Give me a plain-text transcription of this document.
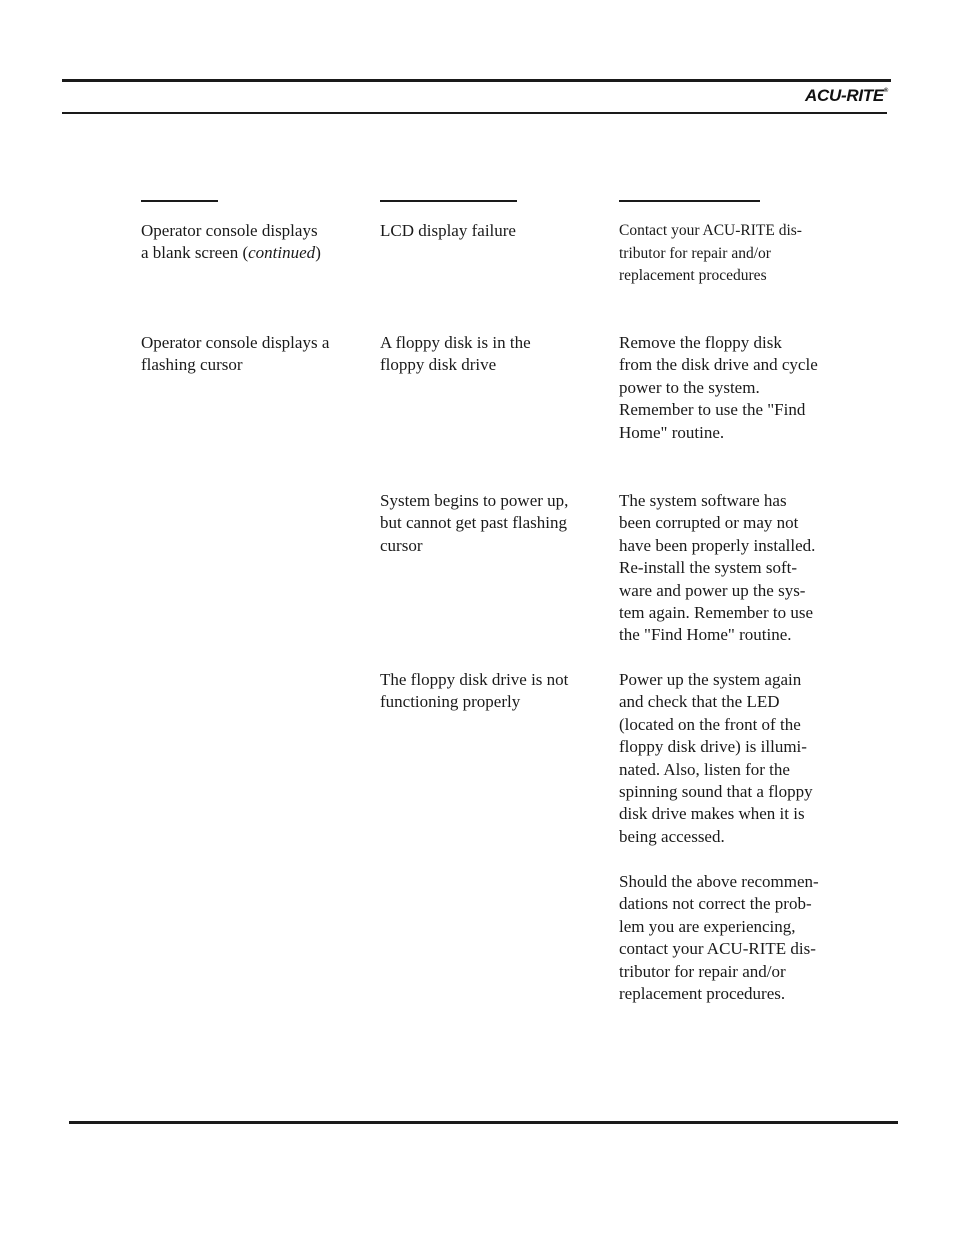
ACU-RITE®
Operator console displays
a blank screen (continued)
LCD display failure	Contact your ACU-RITE dis-
tributor for repair and/or
replacement procedures
Operator console displays a
flashing cursor
A floppy disk is in the
floppy disk drive
Remove the floppy disk
from the disk drive and cycle
power to the system.
Remember to use the "Find
Home" routine.
System begins to power up,
but cannot get past flashing
cursor
The system software has
been corrupted or may not
have been properly installed.
Re-install the system soft-
ware and power up the sys-
tem again. Remember to use
the "Find Home" routine.
The floppy disk drive is not
functioning properly
Power up the system again
and check that the LED
(located on the front of the
floppy disk drive) is illumi-
nated. Also, listen for the
spinning sound that a floppy
disk drive makes when it is
being accessed.
Should the above recommen-
dations not correct the prob-
lem you are experiencing,
contact your ACU-RITE dis-
tributor for repair and/or
replacement procedures.
